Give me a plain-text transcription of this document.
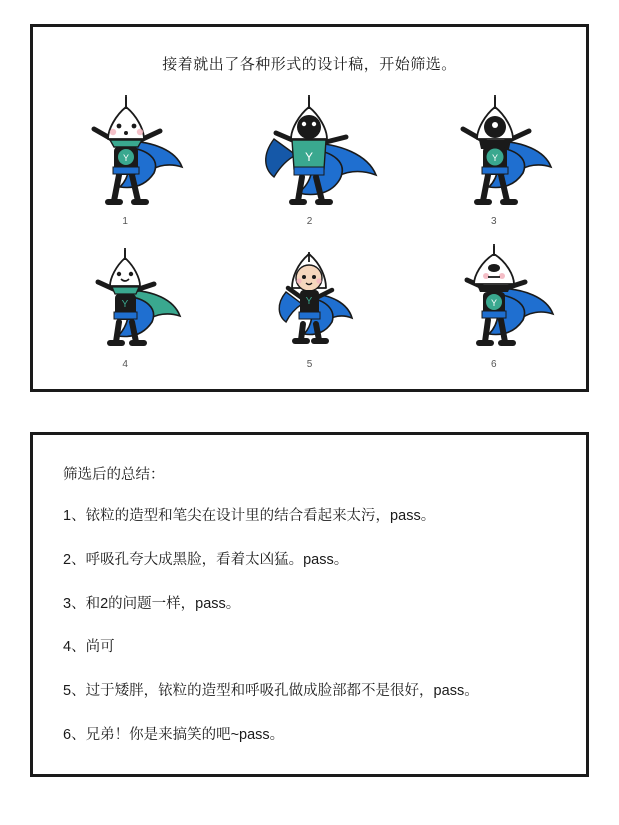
接着就出了各种形式的设计稿，开始筛选。
Y
1
Y
2
Y
3
Y
4
Y
5
Y
6
筛选后的总结：
1、铱粒的造型和笔尖在设计里的结合看起来太污，pass。
2、呼吸孔夸大成黑脸，看着太凶猛。pass。
3、和2的问题一样，pass。
4、尚可
5、过于矮胖，铱粒的造型和呼吸孔做成脸部都不是很好，pass。
6、兄弟！你是来搞笑的吧~pass。
